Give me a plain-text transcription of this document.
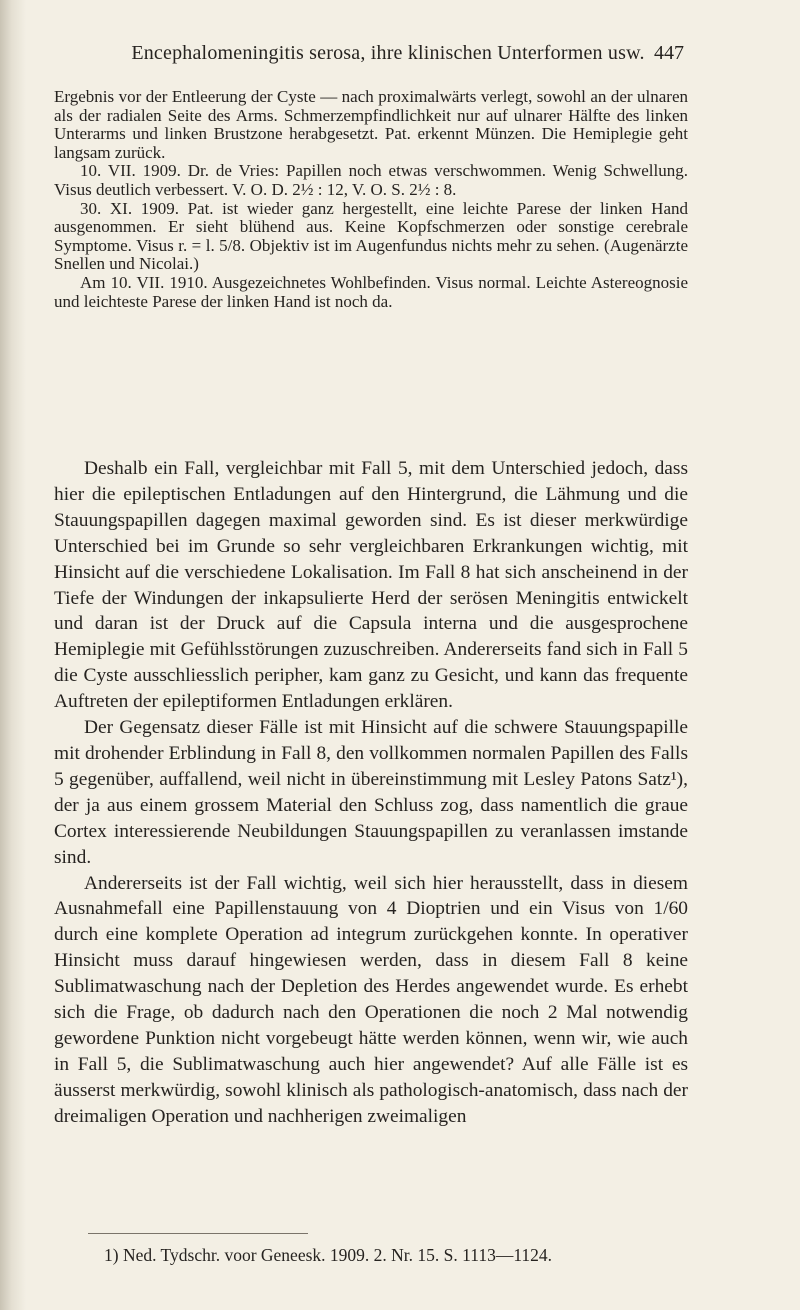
Encephalomeningitis serosa, ihre klinischen Unterformen usw. 447

Ergebnis vor der Entleerung der Cyste — nach proximalwärts verlegt, sowohl an der ulnaren als der radialen Seite des Arms. Schmerzempfindlichkeit nur auf ulnarer Hälfte des linken Unterarms und linken Brustzone herabgesetzt. Pat. erkennt Münzen. Die Hemiplegie geht langsam zurück.

10. VII. 1909. Dr. de Vries: Papillen noch etwas verschwommen. Wenig Schwellung. Visus deutlich verbessert. V. O. D. 2½ : 12, V. O. S. 2½ : 8.

30. XI. 1909. Pat. ist wieder ganz hergestellt, eine leichte Parese der linken Hand ausgenommen. Er sieht blühend aus. Keine Kopfschmerzen oder sonstige cerebrale Symptome. Visus r. = l. 5/8. Objektiv ist im Augenfundus nichts mehr zu sehen. (Augenärzte Snellen und Nicolai.)

Am 10. VII. 1910. Ausgezeichnetes Wohlbefinden. Visus normal. Leichte Astereognosie und leichteste Parese der linken Hand ist noch da.

Deshalb ein Fall, vergleichbar mit Fall 5, mit dem Unterschied jedoch, dass hier die epileptischen Entladungen auf den Hintergrund, die Lähmung und die Stauungspapillen dagegen maximal geworden sind. Es ist dieser merkwürdige Unterschied bei im Grunde so sehr vergleichbaren Erkrankungen wichtig, mit Hinsicht auf die verschiedene Lokalisation. Im Fall 8 hat sich anscheinend in der Tiefe der Windungen der inkapsulierte Herd der serösen Meningitis entwickelt und daran ist der Druck auf die Capsula interna und die ausgesprochene Hemiplegie mit Gefühlsstörungen zuzuschreiben. Andererseits fand sich in Fall 5 die Cyste ausschliesslich peripher, kam ganz zu Gesicht, und kann das frequente Auftreten der epileptiformen Entladungen erklären.

Der Gegensatz dieser Fälle ist mit Hinsicht auf die schwere Stauungspapille mit drohender Erblindung in Fall 8, den vollkommen normalen Papillen des Falls 5 gegenüber, auffallend, weil nicht in übereinstimmung mit Lesley Patons Satz¹), der ja aus einem grossem Material den Schluss zog, dass namentlich die graue Cortex interessierende Neubildungen Stauungspapillen zu veranlassen imstande sind.

Andererseits ist der Fall wichtig, weil sich hier herausstellt, dass in diesem Ausnahmefall eine Papillenstauung von 4 Dioptrien und ein Visus von 1/60 durch eine komplete Operation ad integrum zurückgehen konnte. In operativer Hinsicht muss darauf hingewiesen werden, dass in diesem Fall 8 keine Sublimatwaschung nach der Depletion des Herdes angewendet wurde. Es erhebt sich die Frage, ob dadurch nach den Operationen die noch 2 Mal notwendig gewordene Punktion nicht vorgebeugt hätte werden können, wenn wir, wie auch in Fall 5, die Sublimatwaschung auch hier angewendet? Auf alle Fälle ist es äusserst merkwürdig, sowohl klinisch als pathologisch-anatomisch, dass nach der dreimaligen Operation und nachherigen zweimaligen

1) Ned. Tydschr. voor Geneesk. 1909. 2. Nr. 15. S. 1113—1124.
